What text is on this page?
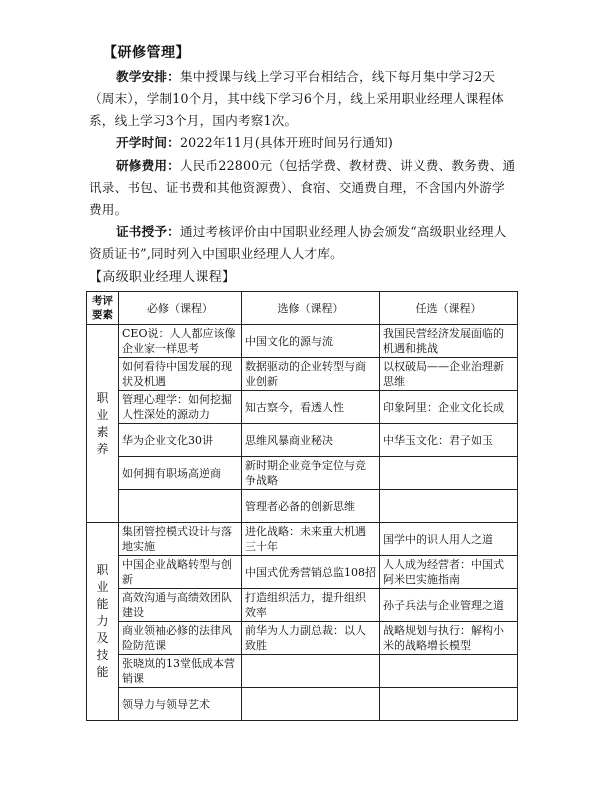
【研修管理】
教学安排：集中授课与线上学习平台相结合，线下每月集中学习2天（周末），学制10个月，其中线下学习6个月，线上采用职业经理人课程体系，线上学习3个月，国内考察1次。
开学时间：2022年11月(具体开班时间另行通知)
研修费用：人民币22800元（包括学费、教材费、讲义费、教务费、通讯录、书包、证书费和其他资源费）、食宿、交通费自理，不含国内外游学费用。
证书授予：通过考核评价由中国职业经理人协会颁发“高级职业经理人资质证书”,同时列入中国职业经理人人才库。
【高级职业经理人课程】
考评要素	必修（课程）	选修（课程）	任选（课程）
职业素养	CEO说：人人都应该像企业家一样思考	中国文化的源与流	我国民营经济发展面临的机遇和挑战
	如何看待中国发展的现状及机遇	数据驱动的企业转型与商业创新	以权破局——企业治理新思维
	管理心理学：如何挖掘人性深处的源动力	知古察今，看透人性	印象阿里：企业文化长成
	华为企业文化30讲	思维风暴商业秘决	中华玉文化：君子如玉
	如何拥有职场高逆商	新时期企业竞争定位与竞争战略	
		管理者必备的创新思维	
职业能力及技能	集团管控模式设计与落地实施	进化战略：未来重大机遇三十年	国学中的识人用人之道
	中国企业战略转型与创新	中国式优秀营销总监108招	人人成为经营者：中国式阿米巴实施指南
	高效沟通与高绩效团队建设	打造组织活力，提升组织效率	孙子兵法与企业管理之道
	商业领袖必修的法律风险防范课	前华为人力副总裁：以人致胜	战略规划与执行：解构小米的战略增长模型
	张晓岚的13堂低成本营销课		
	领导力与领导艺术		
